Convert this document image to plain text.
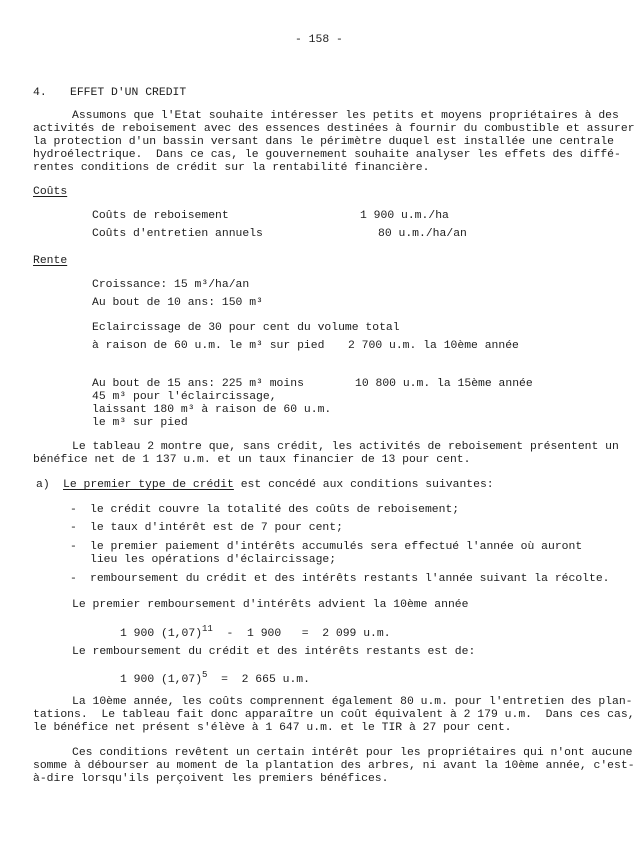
- 158 -
4. EFFET D'UN CREDIT
Assumons que l'Etat souhaite intéresser les petits et moyens propriétaires à des
activités de reboisement avec des essences destinées à fournir du combustible et assurer
la protection d'un bassin versant dans le périmètre duquel est installée une centrale
hydroélectrique.  Dans ce cas, le gouvernement souhaite analyser les effets des diffé-
rentes conditions de crédit sur la rentabilité financière.
Coûts
Coûts de reboisement	1 900 u.m./ha
Coûts d'entretien annuels	80 u.m./ha/an
Rente
Croissance: 15 m³/ha/an
Au bout de 10 ans: 150 m³
Eclaircissage de 30 pour cent du volume total
à raison de 60 u.m. le m³ sur pied 2 700 u.m. la 10ème année
Au bout de 15 ans: 225 m³ moins	10 800 u.m. la 15ème année
45 m³ pour l'éclaircissage,
laissant 180 m³ à raison de 60 u.m.
le m³ sur pied
Le tableau 2 montre que, sans crédit, les activités de reboisement présentent un
bénéfice net de 1 137 u.m. et un taux financier de 13 pour cent.
a) Le premier type de crédit est concédé aux conditions suivantes:
- le crédit couvre la totalité des coûts de reboisement;
- le taux d'intérêt est de 7 pour cent;
- le premier paiement d'intérêts accumulés sera effectué l'année où auront
lieu les opérations d'éclaircissage;
- remboursement du crédit et des intérêts restants l'année suivant la récolte.
Le premier remboursement d'intérêts advient la 10ème année
1 900 $(1,07)^{11} - 1$ 900   =  2 099 u.m.
Le remboursement du crédit et des intérêts restants est de:
1 900 $(1,07)^5 = 2$ 665 u.m.
La 10ème année, les coûts comprennent également 80 u.m. pour l'entretien des plan-
tations.  Le tableau fait donc apparaître un coût équivalent à 2 179 u.m.  Dans ces cas,
le bénéfice net présent s'élève à 1 647 u.m. et le TIR à 27 pour cent.
Ces conditions revêtent un certain intérêt pour les propriétaires qui n'ont aucune
somme à débourser au moment de la plantation des arbres, ni avant la 10ème année, c'est-
à-dire lorsqu'ils perçoivent les premiers bénéfices.
